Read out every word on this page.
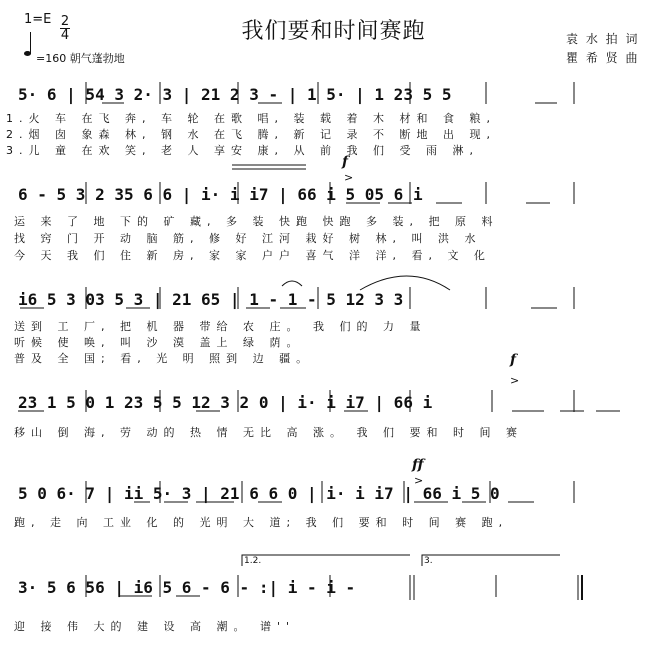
我们要和时间赛跑
1=E 2
4
=160 朝气蓬勃地
袁 水 拍 词
瞿 希 贤 曲
5· 6 | 54 3 2· 3 | 21 2 3 - | 1 5· | 1 23 5 5
1.火 车 在飞 奔, 车 轮 在歌 唱, 装 载 着 木 材和 食 粮,
2.烟 囱 象森 林, 钢 水 在飞 腾, 新 记 录 不 断地 出 现,
3.儿 童 在欢 笑, 老 人 享安 康, 从 前 我 们 受 雨 淋,
f
>
6 - 5 3 2 35 6 6 | i· i i7 | 66 i 5 05 6 i
运 来 了 地 下的 矿 藏, 多 装 快跑 快跑 多 装, 把 原 料
找 窍 门 开 动 脑 筋, 修 好 江河 栽好 树 林, 叫 洪 水
今 天 我 们 住 新 房, 家 家 户户 喜气 洋 洋, 看, 文 化
i6 5 3 03 5 3 | 21 65 | 1 - 1 - 5 12 3 3
送到 工 厂, 把 机 器 带给 农 庄。 我 们的 力 量
听候 使 唤, 叫 沙 漠 盖上 绿 荫。
普及 全 国; 看, 光 明 照到 边 疆。	f
>
23 1 5 0 1 23 5 5 12 3 2 0 | i· i i7 | 66 i
移山 倒 海, 劳 动的 热 情 无比 高 涨。 我 们 要和 时 间 赛
ff
>
5 0 6· 7 | ii 5· 3 | 21 6 6 0 | i· i i7 | 66 i 5 0
跑, 走 向 工业 化 的 光明 大 道; 我 们 要和 时 间 赛 跑,
1.2.	3.
3· 5 6 56 | i6 5 6 - 6 - :| i - i -
迎 接 伟 大的 建 设 高 潮。 谱''
